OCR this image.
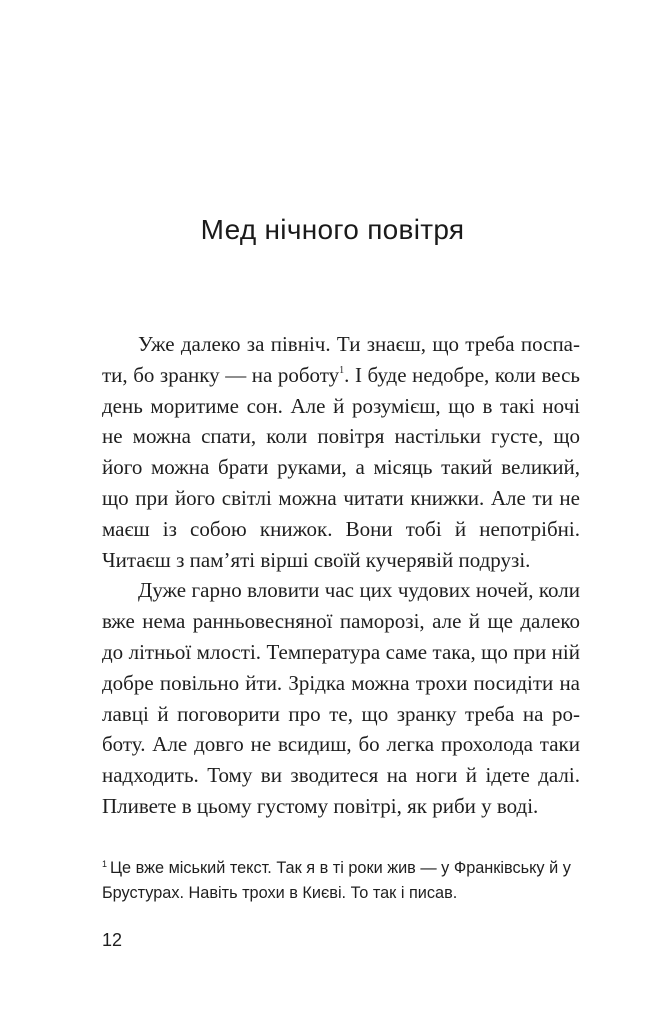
Мед нічного повітря

Уже далеко за північ. Ти знаєш, що треба поспати, бо зранку — на роботу$^1$. І буде недобре, коли весь день моритиме сон. Але й розумієш, що в такі ночі не можна спати, коли повітря настільки густе, що його можна брати руками, а місяць такий великий, що при його світлі можна читати книжки. Але ти не маєш із собою книжок. Вони тобі й непотрібні. Читаєш з пам’яті вірші своїй кучерявій подрузі.

Дуже гарно вловити час цих чудових ночей, коли вже нема ранньовесняної паморозі, але й ще далеко до літньої млості. Температура саме така, що при ній добре повільно йти. Зрідка можна трохи посидіти на лавці й поговорити про те, що зранку треба на роботу. Але довго не всидиш, бо легка прохолода таки надходить. Тому ви зводитеся на ноги й ідете далі. Пливете в цьому густому повітрі, як риби у воді.

$^1$ Це вже міський текст. Так я в ті роки жив — у Франківську й у Брустурах. Навіть трохи в Києві. То так і писав.
12
